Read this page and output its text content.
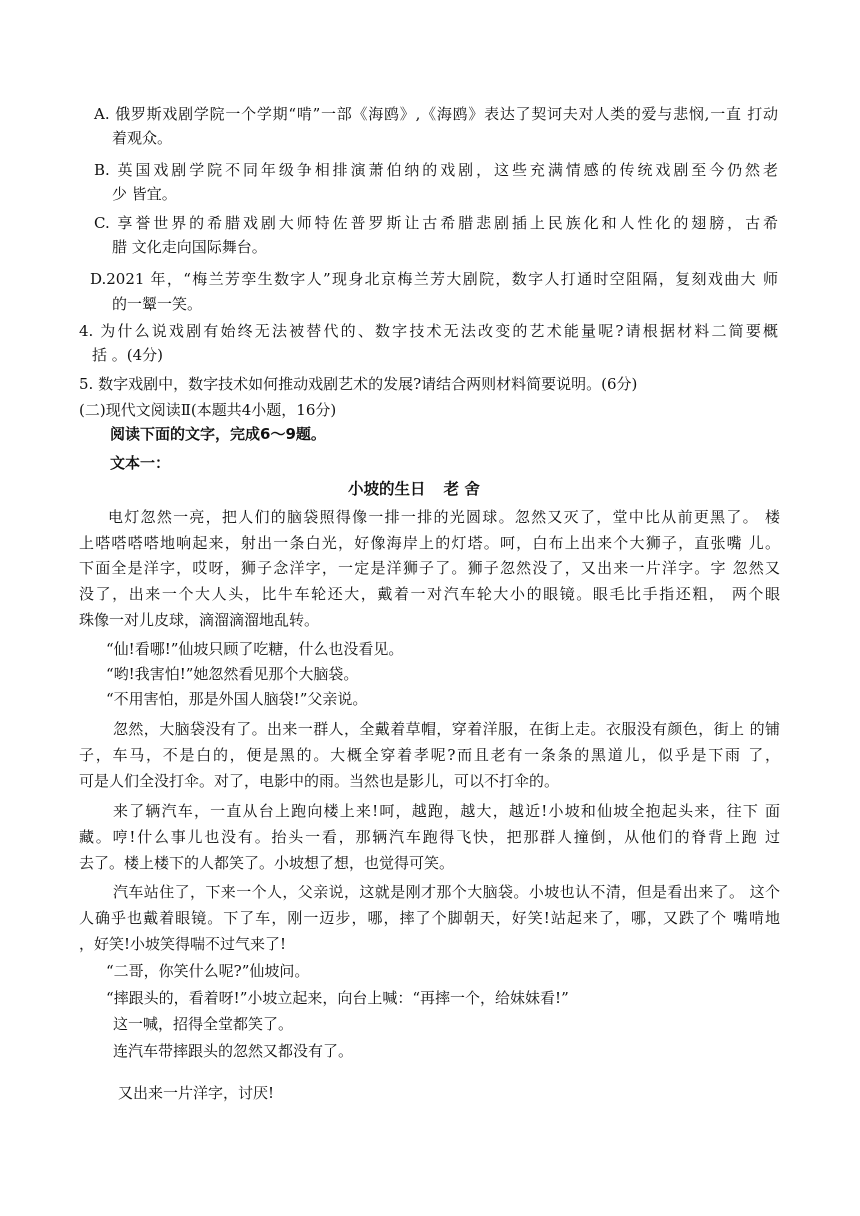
A. 俄罗斯戏剧学院一个学期“啃”一部《海鸥》,《海鸥》表达了契诃夫对人类的爱与悲悯,一直 打动
着观众。
B. 英国戏剧学院不同年级争相排演萧伯纳的戏剧，这些充满情感的传统戏剧至今仍然老
少 皆宜。
C. 享誉世界的希腊戏剧大师特佐普罗斯让古希腊悲剧插上民族化和人性化的翅膀，古希
腊 文化走向国际舞台。
D.2021 年，“梅兰芳孪生数字人”现身北京梅兰芳大剧院，数字人打通时空阻隔，复刻戏曲大 师
的一颦一笑。
4. 为什么说戏剧有始终无法被替代的、数字技术无法改变的艺术能量呢?请根据材料二简要概
括 。(4分)
5. 数字戏剧中，数字技术如何推动戏剧艺术的发展?请结合两则材料简要说明。(6分)
(二)现代文阅读Ⅱ(本题共4小题，16分)
阅读下面的文字，完成6～9题。
文本一：
小坡的生日 老 舍
电灯忽然一亮，把人们的脑袋照得像一排一排的光圆球。忽然又灭了，堂中比从前更黑了。 楼
上嗒嗒嗒嗒地响起来，射出一条白光，好像海岸上的灯塔。呵，白布上出来个大狮子，直张嘴 儿。
下面全是洋字，哎呀，狮子念洋字，一定是洋狮子了。狮子忽然没了，又出来一片洋字。字 忽然又
没了，出来一个大人头，比牛车轮还大，戴着一对汽车轮大小的眼镜。眼毛比手指还粗， 两个眼
珠像一对儿皮球，滴溜滴溜地乱转。
“仙!看哪!”仙坡只顾了吃糖，什么也没看见。
“哟!我害怕!”她忽然看见那个大脑袋。
“不用害怕，那是外国人脑袋!”父亲说。
忽然，大脑袋没有了。出来一群人，全戴着草帽，穿着洋服，在街上走。衣服没有颜色，街上 的铺
子，车马，不是白的，便是黑的。大概全穿着孝呢?而且老有一条条的黑道儿，似乎是下雨 了，
可是人们全没打伞。对了，电影中的雨。当然也是影儿，可以不打伞的。
来了辆汽车，一直从台上跑向楼上来!呵，越跑，越大，越近!小坡和仙坡全抱起头来，往下 面
藏。哼!什么事儿也没有。抬头一看，那辆汽车跑得飞快，把那群人撞倒，从他们的脊背上跑 过
去了。楼上楼下的人都笑了。小坡想了想，也觉得可笑。
汽车站住了，下来一个人，父亲说，这就是刚才那个大脑袋。小坡也认不清，但是看出来了。 这个
人确乎也戴着眼镜。下了车，刚一迈步，哪，摔了个脚朝天，好笑!站起来了，哪，又跌了个 嘴啃地
，好笑!小坡笑得喘不过气来了!
“二哥，你笑什么呢?”仙坡问。
“摔跟头的，看着呀!”小坡立起来，向台上喊：“再摔一个，给妹妹看!”
这一喊，招得全堂都笑了。
连汽车带摔跟头的忽然又都没有了。
又出来一片洋字，讨厌!
